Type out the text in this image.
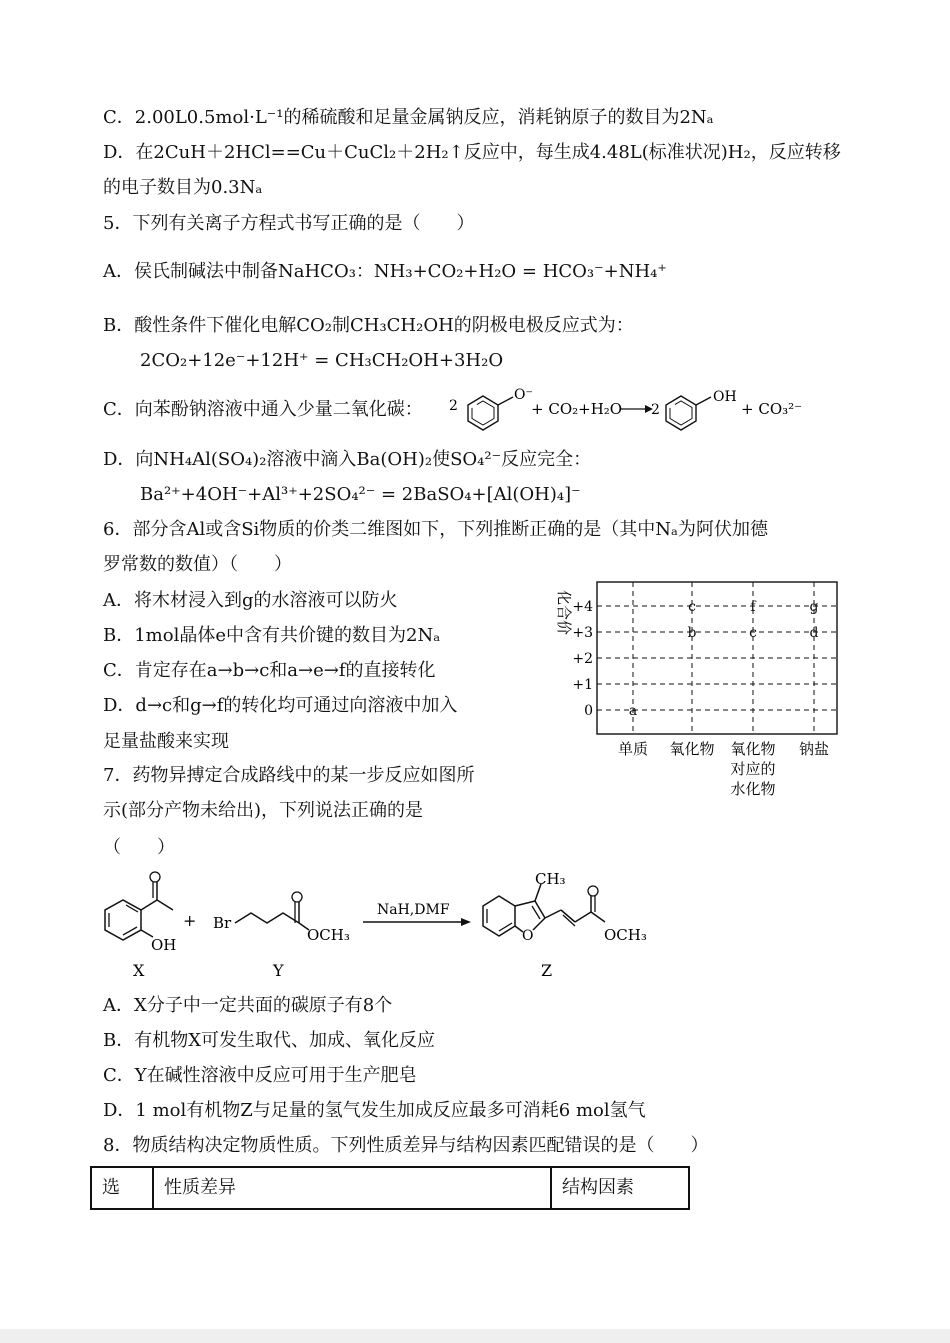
C．2.00L0.5mol·L⁻¹的稀硫酸和足量金属钠反应，消耗钠原子的数目为2Nₐ
D．在2CuH＋2HCl==Cu＋CuCl₂＋2H₂↑反应中，每生成4.48L(标准状况)H₂，反应转移
的电子数目为0.3Nₐ
5．下列有关离子方程式书写正确的是（　　）
A．侯氏制碱法中制备NaHCO₃：NH₃+CO₂+H₂O = HCO₃⁻+NH₄⁺
B．酸性条件下催化电解CO₂制CH₃CH₂OH的阴极电极反应式为：
2CO₂+12e⁻+12H⁺ = CH₃CH₂OH+3H₂O
C．向苯酚钠溶液中通入少量二氧化碳： 2
O⁻
+ CO₂+H₂O 2
OH
+ CO₃²⁻
D．向NH₄Al(SO₄)₂溶液中滴入Ba(OH)₂使SO₄²⁻反应完全：
Ba²⁺+4OH⁻+Al³⁺+2SO₄²⁻ = 2BaSO₄+[Al(OH)₄]⁻
6．部分含Al或含Si物质的价类二维图如下，下列推断正确的是（其中Nₐ为阿伏加德
罗常数的数值）（　　）
A．将木材浸入到g的水溶液可以防火
B．1mol晶体e中含有共价键的数目为2Nₐ
C．肯定存在a→b→c和a→e→f的直接转化
D．d→c和g→f的转化均可通过向溶液中加入
足量盐酸来实现
化合价 +4
+3
+2
+1
0	a
b
c
c
f
d
g
单质 氧化物 氧化物
对应的
水化物
钠盐
7．药物异搏定合成路线中的某一步反应如图所
示(部分产物未给出)，下列说法正确的是
（　　）
OH
X
+ Br
OCH₃
Y
NaH,DMF
CH₃
O	OCH₃
Z
A．X分子中一定共面的碳原子有8个
B．有机物X可发生取代、加成、氧化反应
C．Y在碱性溶液中反应可用于生产肥皂
D．1 mol有机物Z与足量的氢气发生加成反应最多可消耗6 mol氢气
8．物质结构决定物质性质。下列性质差异与结构因素匹配错误的是（　　）
选	性质差异	结构因素
